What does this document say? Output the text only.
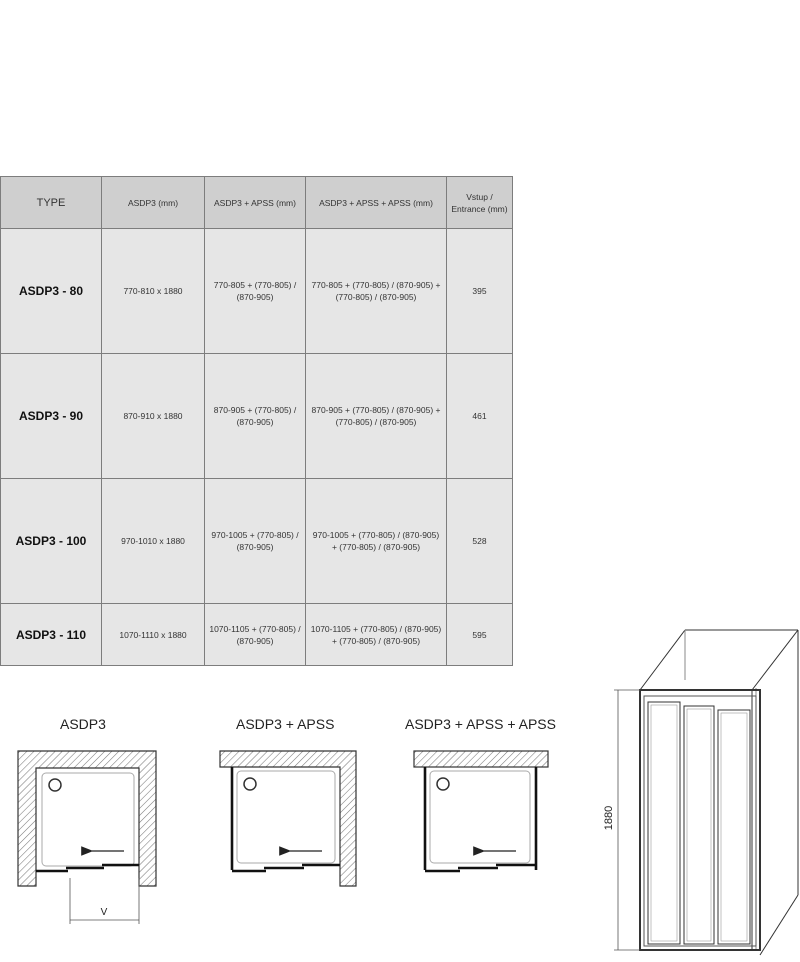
TYPE	ASDP3 (mm)	ASDP3 + APSS (mm)	ASDP3 + APSS + APSS (mm)	Vstup / Entrance (mm)
ASDP3 - 80	770-810 x 1880	770-805 + (770-805) / (870-905)	770-805 + (770-805) / (870-905) + (770-805) / (870-905)	395
ASDP3 - 90	870-910 x 1880	870-905 + (770-805) / (870-905)	870-905 + (770-805) / (870-905) + (770-805) / (870-905)	461
ASDP3 - 100	970-1010 x 1880	970-1005 + (770-805) / (870-905)	970-1005 + (770-805) / (870-905) + (770-805) / (870-905)	528
ASDP3 - 110	1070-1110 x 1880	1070-1105 + (770-805) / (870-905)	1070-1105 + (770-805) / (870-905) + (770-805) / (870-905)	595
ASDP3	ASDP3 + APSS	ASDP3 + APSS + APSS
V
1880
